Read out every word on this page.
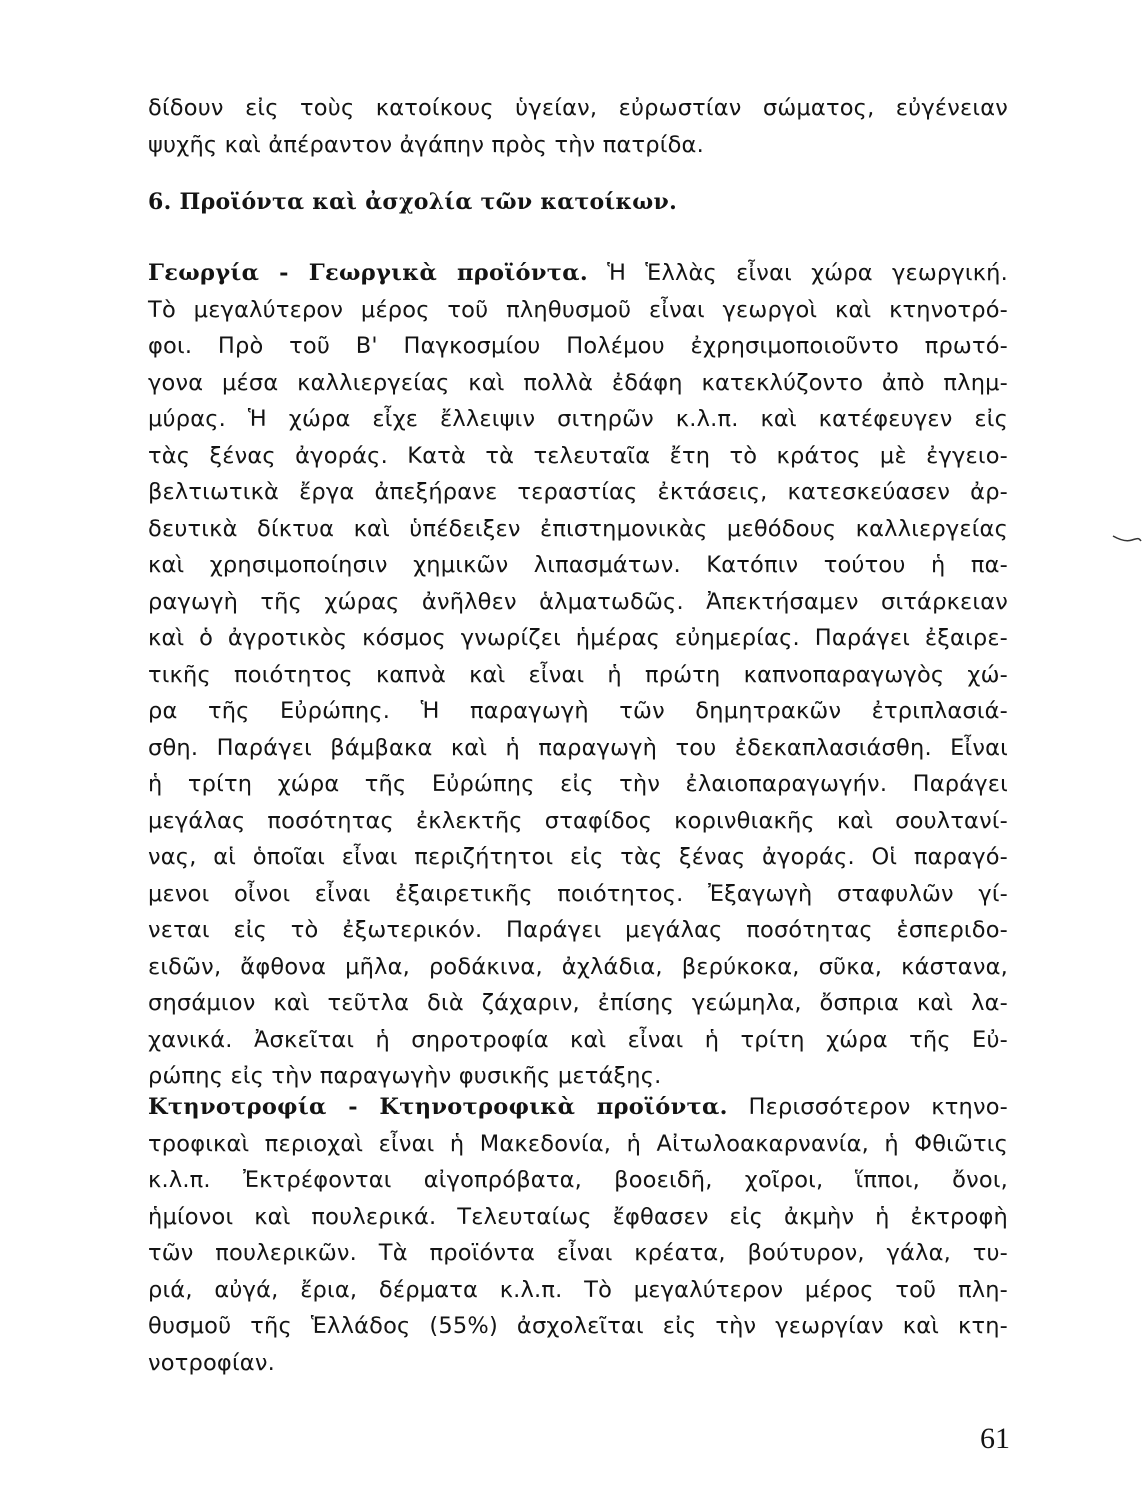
δίδουν εἰς τοὺς κατοίκους ὑγείαν, εὐρωστίαν σώματος, εὐγένειαν
ψυχῆς καὶ ἀπέραντον ἀγάπην πρὸς τὴν πατρίδα.
6. Προϊόντα καὶ ἀσχολία τῶν κατοίκων.
Γεωργία - Γεωργικὰ προϊόντα. Ἡ Ἑλλὰς εἶναι χώρα γεωργική.
Τὸ μεγαλύτερον μέρος τοῦ πληθυσμοῦ εἶναι γεωργοὶ καὶ κτηνοτρό-
φοι. Πρὸ τοῦ Β' Παγκοσμίου Πολέμου ἐχρησιμοποιοῦντο πρωτό-
γονα μέσα καλλιεργείας καὶ πολλὰ ἐδάφη κατεκλύζοντο ἀπὸ πλημ-
μύρας. Ἡ χώρα εἶχε ἔλλειψιν σιτηρῶν κ.λ.π. καὶ κατέφευγεν εἰς
τὰς ξένας ἀγοράς. Κατὰ τὰ τελευταῖα ἔτη τὸ κράτος μὲ ἐγγειο-
βελτιωτικὰ ἔργα ἀπεξήρανε τεραστίας ἐκτάσεις, κατεσκεύασεν ἀρ-
δευτικὰ δίκτυα καὶ ὑπέδειξεν ἐπιστημονικὰς μεθόδους καλλιεργείας
καὶ χρησιμοποίησιν χημικῶν λιπασμάτων. Κατόπιν τούτου ἡ πα-
ραγωγὴ τῆς χώρας ἀνῆλθεν ἁλματωδῶς. Ἀπεκτήσαμεν σιτάρκειαν
καὶ ὁ ἀγροτικὸς κόσμος γνωρίζει ἡμέρας εὐημερίας. Παράγει ἐξαιρε-
τικῆς ποιότητος καπνὰ καὶ εἶναι ἡ πρώτη καπνοπαραγωγὸς χώ-
ρα τῆς Εὐρώπης. Ἡ παραγωγὴ τῶν δημητρακῶν ἐτριπλασιά-
σθη. Παράγει βάμβακα καὶ ἡ παραγωγὴ του ἐδεκαπλασιάσθη. Εἶναι
ἡ τρίτη χώρα τῆς Εὐρώπης εἰς τὴν ἐλαιοπαραγωγήν. Παράγει
μεγάλας ποσότητας ἐκλεκτῆς σταφίδος κορινθιακῆς καὶ σουλτανί-
νας, αἱ ὁποῖαι εἶναι περιζήτητοι εἰς τὰς ξένας ἀγοράς. Οἱ παραγό-
μενοι οἶνοι εἶναι ἐξαιρετικῆς ποιότητος. Ἐξαγωγὴ σταφυλῶν γί-
νεται εἰς τὸ ἐξωτερικόν. Παράγει μεγάλας ποσότητας ἑσπεριδο-
ειδῶν, ἄφθονα μῆλα, ροδάκινα, ἀχλάδια, βερύκοκα, σῦκα, κάστανα,
σησάμιον καὶ τεῦτλα διὰ ζάχαριν, ἐπίσης γεώμηλα, ὄσπρια καὶ λα-
χανικά. Ἀσκεῖται ἡ σηροτροφία καὶ εἶναι ἡ τρίτη χώρα τῆς Εὐ-
ρώπης εἰς τὴν παραγωγὴν φυσικῆς μετάξης.
Κτηνοτροφία - Κτηνοτροφικὰ προϊόντα. Περισσότερον κτηνο-
τροφικαὶ περιοχαὶ εἶναι ἡ Μακεδονία, ἡ Αἰτωλοακαρνανία, ἡ Φθιῶτις
κ.λ.π. Ἐκτρέφονται αἰγοπρόβατα, βοοειδῆ, χοῖροι, ἵπποι, ὄνοι,
ἡμίονοι καὶ πουλερικά. Τελευταίως ἔφθασεν εἰς ἀκμὴν ἡ ἐκτροφὴ
τῶν πουλερικῶν. Τὰ προϊόντα εἶναι κρέατα, βούτυρον, γάλα, τυ-
ριά, αὐγά, ἔρια, δέρματα κ.λ.π. Τὸ μεγαλύτερον μέρος τοῦ πλη-
θυσμοῦ τῆς Ἑλλάδος (55%) ἀσχολεῖται εἰς τὴν γεωργίαν καὶ κτη-
νοτροφίαν.
61
